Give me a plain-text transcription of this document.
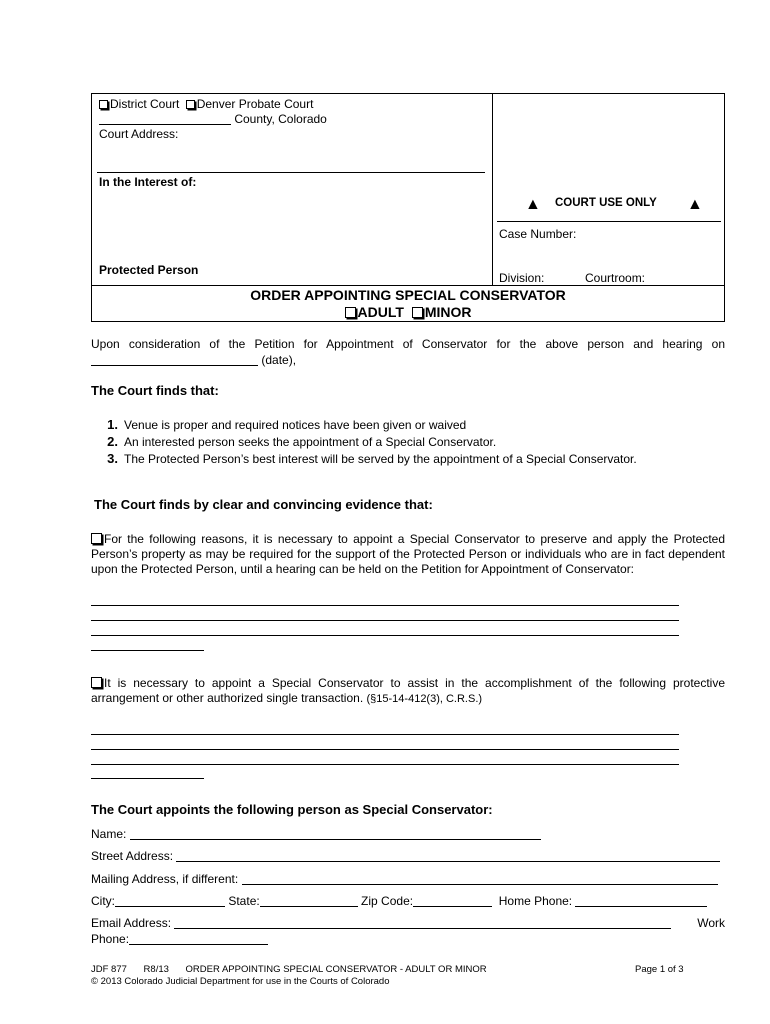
District Court Denver Probate Court
County, Colorado
Court Address:
In the Interest of:
Protected Person
▲ COURT USE ONLY ▲
Case Number:
Division:	Courtroom:
ORDER APPOINTING SPECIAL CONSERVATOR
ADULT MINOR
Upon consideration of the Petition for Appointment of Conservator for the above person and hearing on
(date),
The Court finds that:
1. Venue is proper and required notices have been given or waived
2. An interested person seeks the appointment of a Special Conservator.
3. The Protected Person’s best interest will be served by the appointment of a Special Conservator.
The Court finds by clear and convincing evidence that:
For the following reasons, it is necessary to appoint a Special Conservator to preserve and apply the Protected Person’s property as may be required for the support of the Protected Person or individuals who are in fact dependent upon the Protected Person, until a hearing can be held on the Petition for Appointment of Conservator:
It is necessary to appoint a Special Conservator to assist in the accomplishment of the following protective arrangement or other authorized single transaction. (§15-14-412(3), C.R.S.)
The Court appoints the following person as Special Conservator:
Name:
Street Address:
Mailing Address, if different:
City:	State:	Zip Code:	Home Phone:
Email Address:	Work
Phone:
JDF 877 R8/13 ORDER APPOINTING SPECIAL CONSERVATOR - ADULT OR MINOR	Page 1 of 3
© 2013 Colorado Judicial Department for use in the Courts of Colorado
